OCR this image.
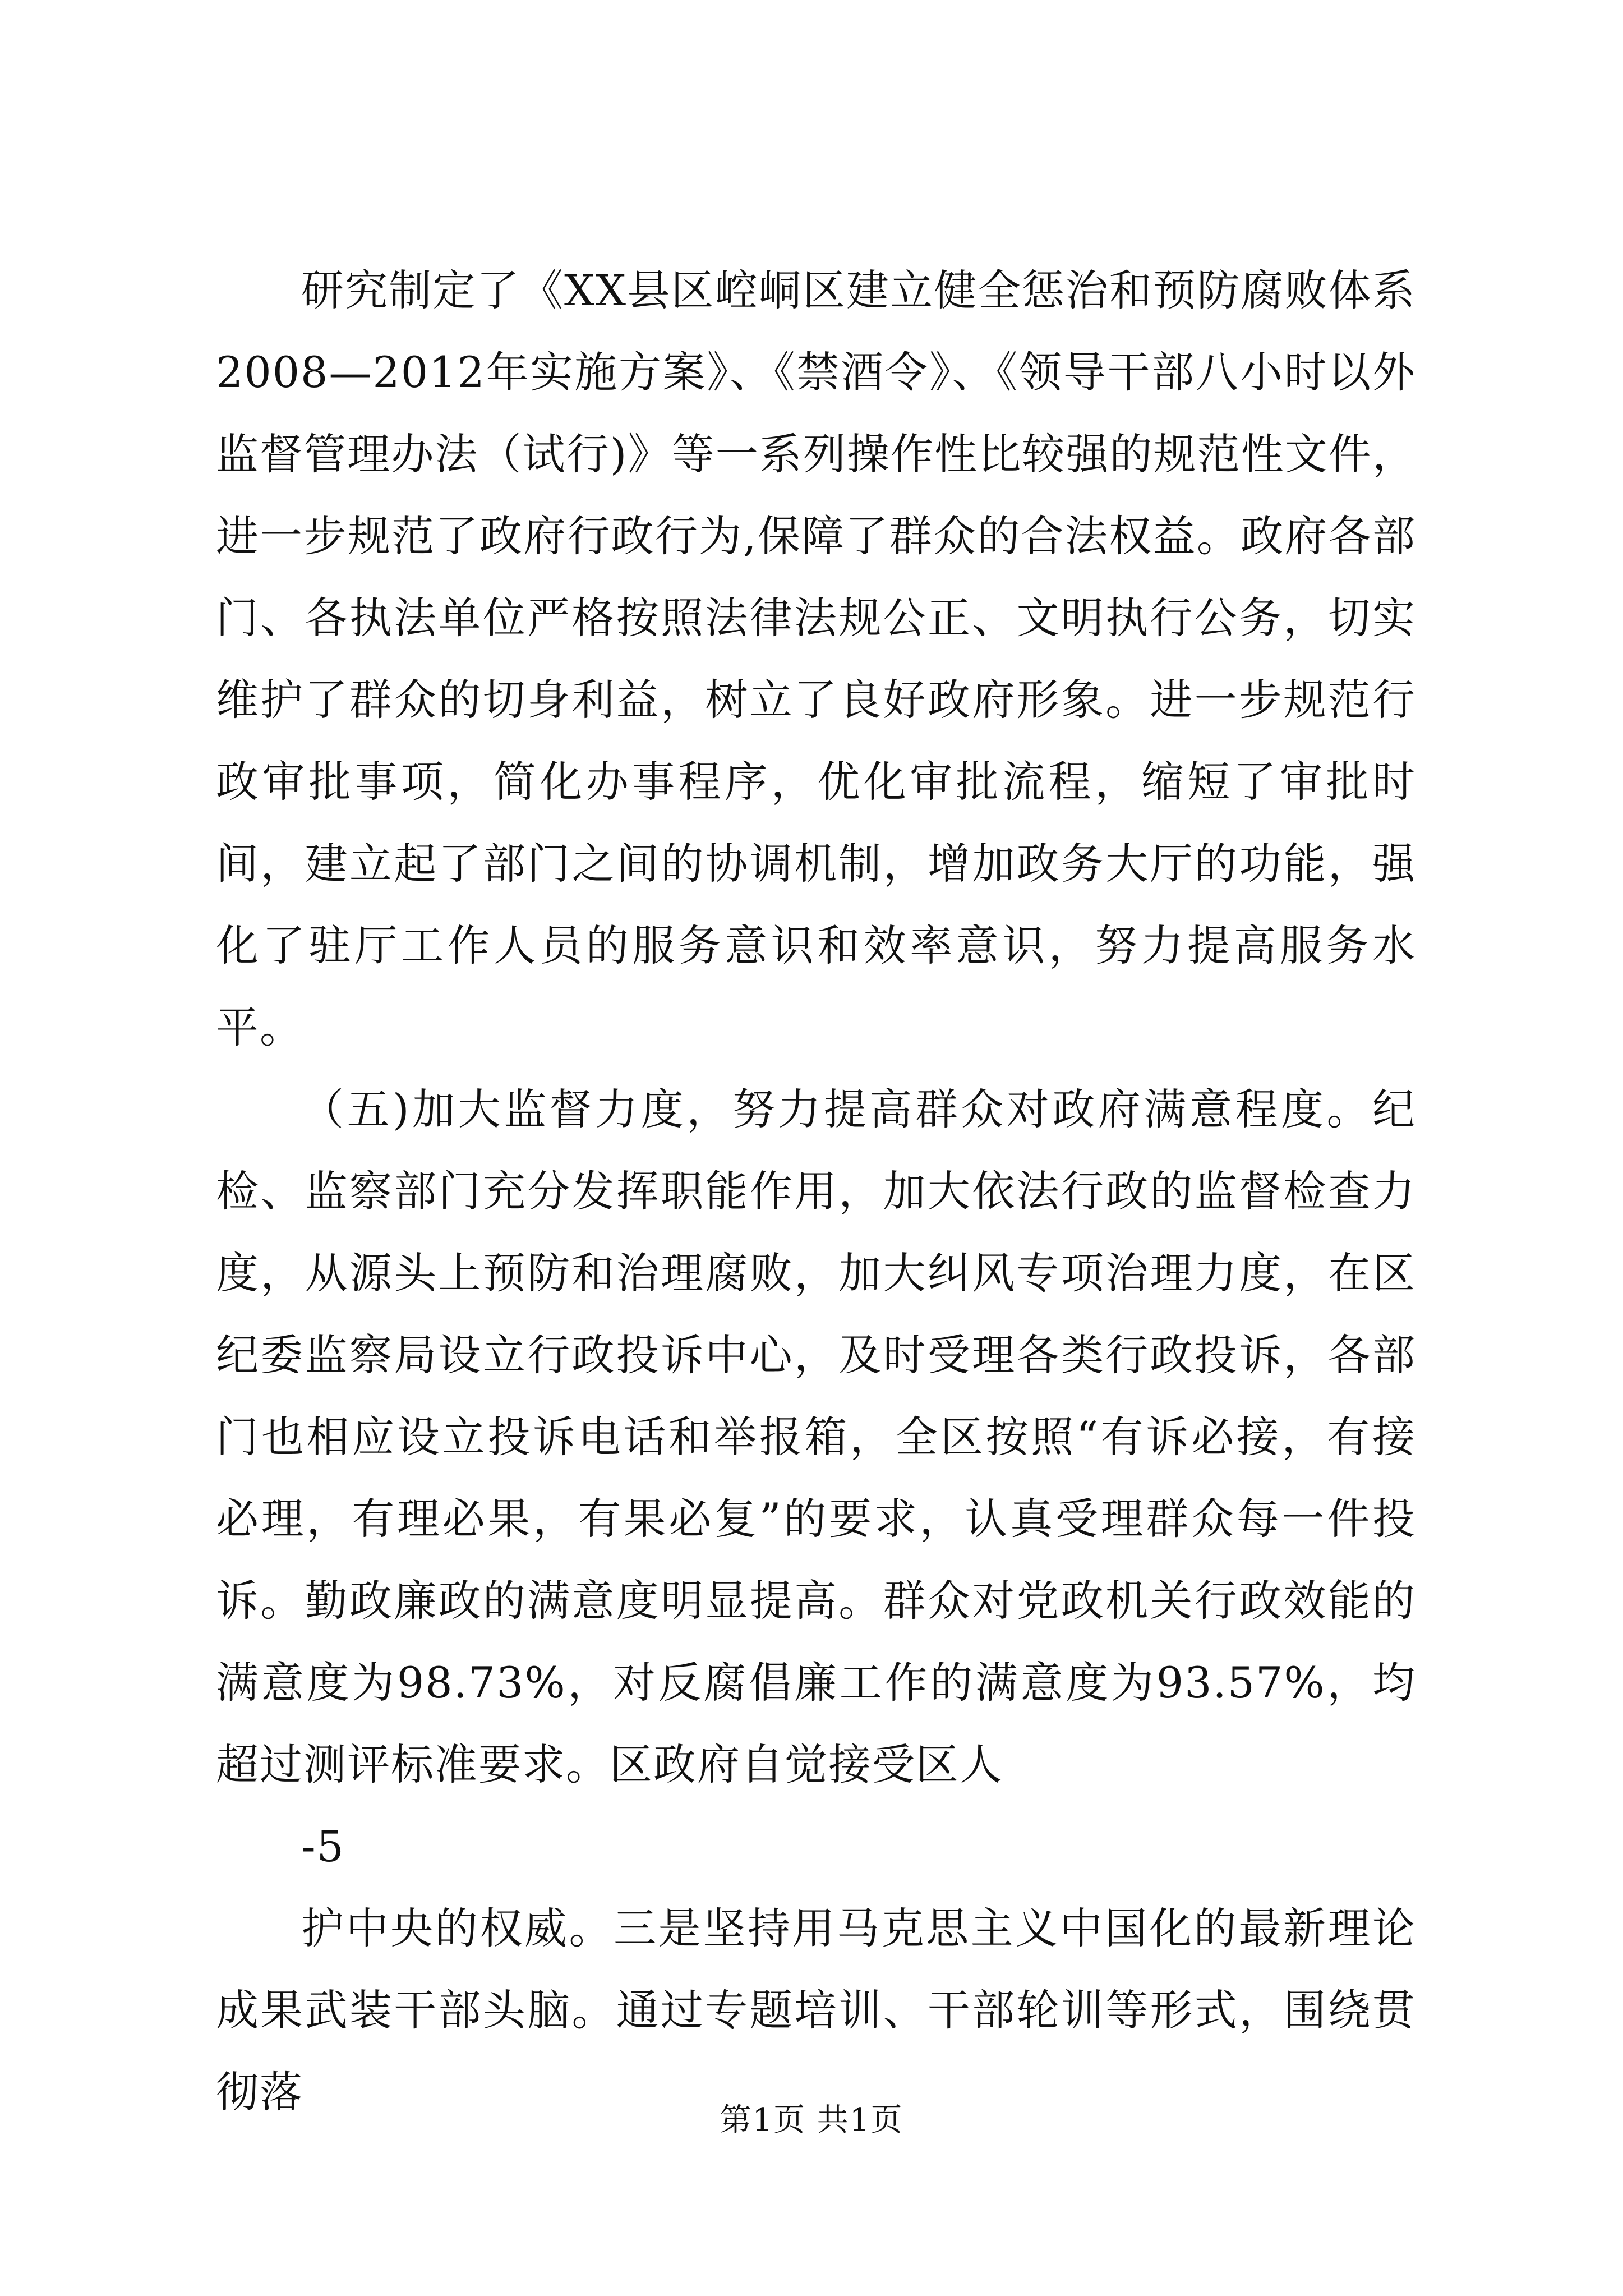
研究制定了《XX县区崆峒区建立健全惩治和预防腐败体系2008—2012年实施方案》、《禁酒令》、《领导干部八小时以外监督管理办法（试行)》等一系列操作性比较强的规范性文件，进一步规范了政府行政行为,保障了群众的合法权益。政府各部门、各执法单位严格按照法律法规公正、文明执行公务，切实维护了群众的切身利益，树立了良好政府形象。进一步规范行政审批事项，简化办事程序，优化审批流程，缩短了审批时间，建立起了部门之间的协调机制，增加政务大厅的功能，强化了驻厅工作人员的服务意识和效率意识，努力提高服务水平。

（五)加大监督力度，努力提高群众对政府满意程度。纪检、监察部门充分发挥职能作用，加大依法行政的监督检查力度，从源头上预防和治理腐败，加大纠风专项治理力度，在区纪委监察局设立行政投诉中心，及时受理各类行政投诉，各部门也相应设立投诉电话和举报箱，全区按照“有诉必接，有接必理，有理必果，有果必复”的要求，认真受理群众每一件投诉。勤政廉政的满意度明显提高。群众对党政机关行政效能的满意度为98.73%，对反腐倡廉工作的满意度为93.57%，均超过测评标准要求。区政府自觉接受区人

-5

护中央的权威。三是坚持用马克思主义中国化的最新理论成果武装干部头脑。通过专题培训、干部轮训等形式，围绕贯彻落

第1页 共1页
